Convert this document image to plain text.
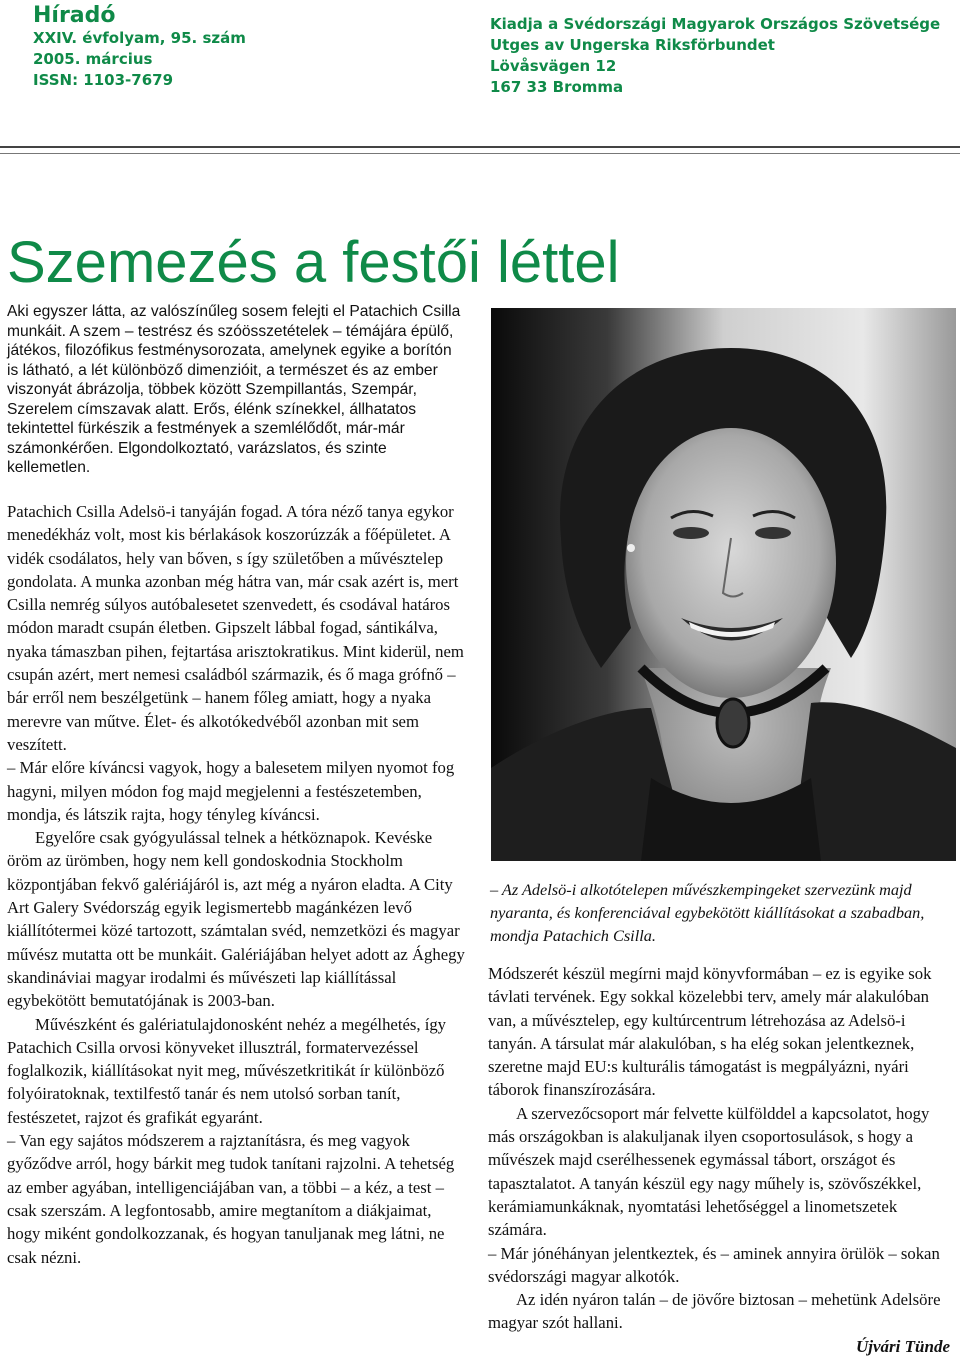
Híradó
XXIV. évfolyam, 95. szám
2005. március
ISSN: 1103-7679
Kiadja a Svédországi Magyarok Országos Szövetsége
Utges av Ungerska Riksförbundet
Lövåsvägen 12
167 33 Bromma
Szemezés a festői léttel

Aki egyszer látta, az valószínűleg sosem felejti el Patachich Csilla munkáit. A szem – testrész és szóösszetételek – témájára épülő, játékos, filozófikus festménysorozata, amelynek egyike a borítón is látható, a lét különböző dimenzióit, a természet és az ember viszonyát ábrázolja, többek között Szempillantás, Szempár, Szerelem címszavak alatt. Erős, élénk színekkel, állhatatos tekintettel fürkészik a festmények a szemlélődőt, már-már számonkérően. Elgondolkoztató, varázslatos, és szinte kellemetlen.

Patachich Csilla Adelsö-i tanyáján fogad. A tóra néző tanya egykor menedékház volt, most kis bérlakások koszorúzzák a főépületet. A vidék csodálatos, hely van bőven, s így születőben a művésztelep gondolata. A munka azonban még hátra van, már csak azért is, mert Csilla nemrég súlyos autóbalesetet szenvedett, és csodával határos módon maradt csupán életben. Gipszelt lábbal fogad, sántikálva, nyaka támaszban pihen, fejtartása arisztokratikus. Mint kiderül, nem csupán azért, mert nemesi családból származik, és ő maga grófnő – bár erről nem beszélgetünk – hanem főleg amiatt, hogy a nyaka merevre van műtve. Élet- és alkotókedvéből azonban mit sem veszített.

– Már előre kíváncsi vagyok, hogy a balesetem milyen nyomot fog hagyni, milyen módon fog majd megjelenni a festészetemben, mondja, és látszik rajta, hogy tényleg kíváncsi.

Egyelőre csak gyógyulással telnek a hétköznapok. Kevéske öröm az ürömben, hogy nem kell gondoskodnia Stockholm központjában fekvő galériájáról is, azt még a nyáron eladta. A City Art Galery Svédország egyik legismertebb magánkézen levő kiállítótermei közé tartozott, számtalan svéd, nemzetközi és magyar művész mutatta ott be munkáit. Galériájában helyet adott az Ághegy skandináviai magyar irodalmi és művészeti lap kiállítással egybekötött bemutatójának is 2003-ban.

Művészként és galériatulajdonosként nehéz a megélhetés, így Patachich Csilla orvosi könyveket illusztrál, formatervezéssel foglalkozik, kiállításokat nyit meg, művészetkritikát ír különböző folyóiratoknak, textilfestő tanár és nem utolsó sorban tanít, festészetet, rajzot és grafikát egyaránt.

– Van egy sajátos módszerem a rajztanításra, és meg vagyok győződve arról, hogy bárkit meg tudok tanítani rajzolni. A tehetség az ember agyában, intelligenciájában van, a többi – a kéz, a test – csak szerszám. A legfontosabb, amire megtanítom a diákjaimat, hogy miként gondolkozzanak, és hogyan tanuljanak meg látni, ne csak nézni.

– Az Adelsö-i alkotótelepen művészkempingeket szervezünk majd nyaranta, és konferenciával egybekötött kiállításokat a szabadban, mondja Patachich Csilla.

Módszerét készül megírni majd könyvformában – ez is egyike sok távlati tervének. Egy sokkal közelebbi terv, amely már alakulóban van, a művésztelep, egy kultúrcentrum létrehozása az Adelsö-i tanyán. A társulat már alakulóban, s ha elég sokan jelentkeznek, szeretne majd EU:s kulturális támogatást is megpályázni, nyári táborok finanszírozására.

A szervezőcsoport már felvette külfölddel a kapcsolatot, hogy más országokban is alakuljanak ilyen csoportosulások, s hogy a művészek majd cserélhessenek egymással tábort, országot és tapasztalatot. A tanyán készül egy nagy műhely is, szövőszékkel, kerámiamunkáknak, nyomtatási lehetőséggel a linometszetek számára.

– Már jónéhányan jelentkeztek, és – aminek annyira örülök – sokan svédországi magyar alkotók.

Az idén nyáron talán – de jövőre biztosan – mehetünk Adelsöre magyar szót hallani.

Újvári Tünde
